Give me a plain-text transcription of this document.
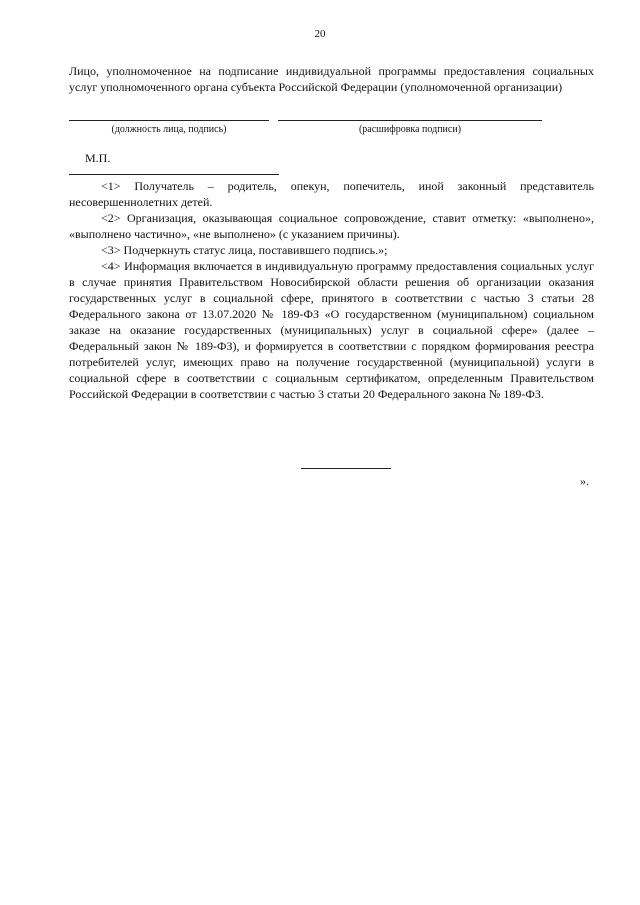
20
Лицо, уполномоченное на подписание индивидуальной программы предоставления социальных услуг уполномоченного органа субъекта Российской Федерации (уполномоченной организации)
(должность лица, подпись)	(расшифровка подписи)
М.П.

<1> Получатель – родитель, опекун, попечитель, иной законный представитель несовершеннолетних детей.

<2> Организация, оказывающая социальное сопровождение, ставит отметку: «выполнено», «выполнено частично», «не выполнено» (с указанием причины).

<3> Подчеркнуть статус лица, поставившего подпись.»;

<4> Информация включается в индивидуальную программу предоставления социальных услуг в случае принятия Правительством Новосибирской области решения об организации оказания государственных услуг в социальной сфере, принятого в соответствии с частью 3 статьи 28 Федерального закона от 13.07.2020 № 189-ФЗ «О государственном (муниципальном) социальном заказе на оказание государственных (муниципальных) услуг в социальной сфере» (далее – Федеральный закон № 189-ФЗ), и формируется в соответствии с порядком формирования реестра потребителей услуг, имеющих право на получение государственной (муниципальной) услуги в социальной сфере в соответствии с социальным сертификатом, определенным Правительством Российской Федерации в соответствии с частью 3 статьи 20 Федерального закона № 189-ФЗ.

».
